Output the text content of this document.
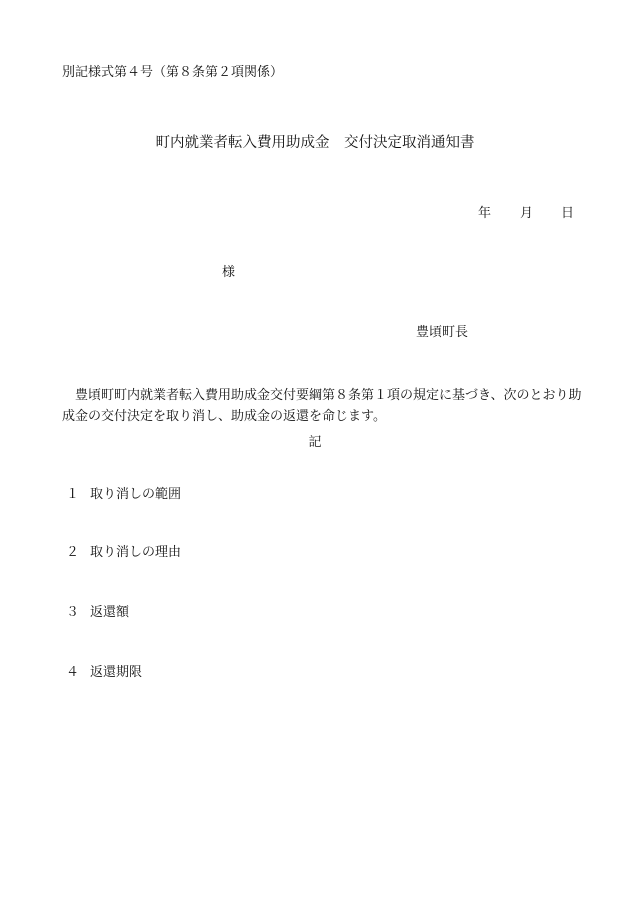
別記様式第４号（第８条第２項関係）
町内就業者転入費用助成金　交付決定取消通知書
年 月 日
様
豊頃町長
豊頃町町内就業者転入費用助成金交付要綱第８条第１項の規定に基づき、次のとおり助成金の交付決定を取り消し、助成金の返還を命じます。
記
１ 取り消しの範囲
２ 取り消しの理由
３ 返還額
４ 返還期限
